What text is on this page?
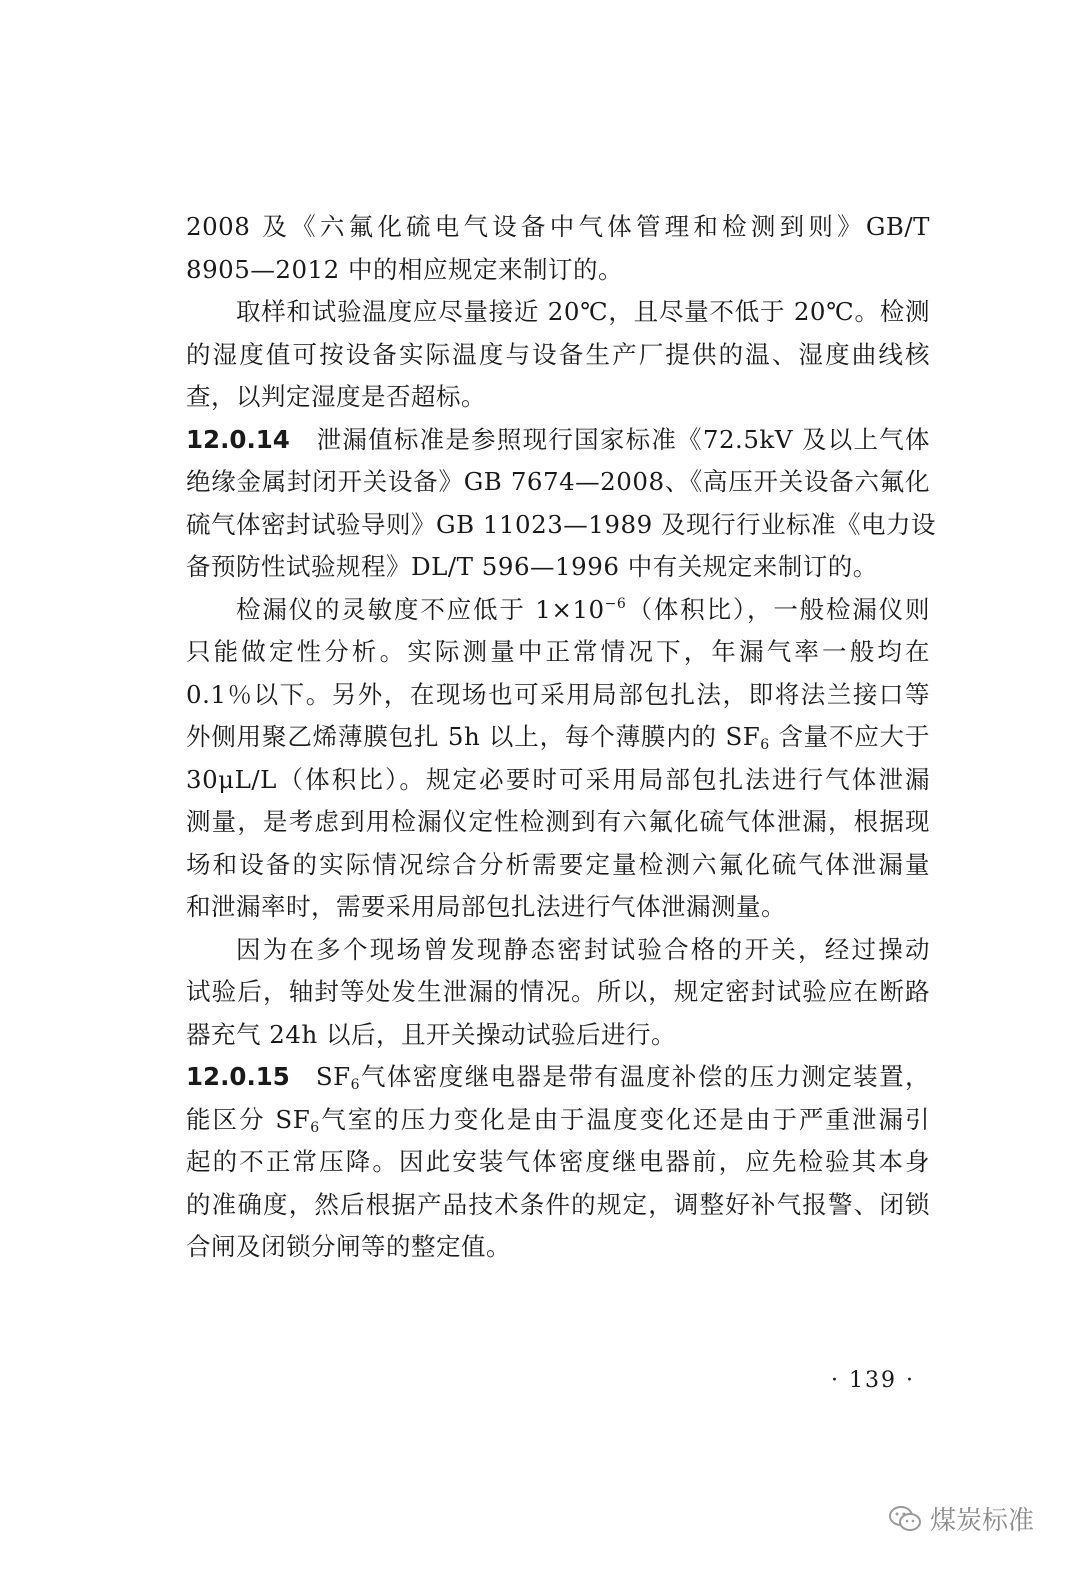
2008 及《六氟化硫电气设备中气体管理和检测到则》GB/T
8905—2012 中的相应规定来制订的。
取样和试验温度应尽量接近 20℃，且尽量不低于 20℃。检测
的湿度值可按设备实际温度与设备生产厂提供的温、湿度曲线核
查，以判定湿度是否超标。
12.0.14 泄漏值标准是参照现行国家标准《72.5kV 及以上气体
绝缘金属封闭开关设备》GB 7674—2008、《高压开关设备六氟化
硫气体密封试验导则》GB 11023—1989 及现行行业标准《电力设
备预防性试验规程》DL/T 596—1996 中有关规定来制订的。
检漏仪的灵敏度不应低于 $1\times 10^{-6}$（体积比），一般检漏仪则
只能做定性分析。实际测量中正常情况下，年漏气率一般均在
0.1％以下。另外，在现场也可采用局部包扎法，即将法兰接口等
外侧用聚乙烯薄膜包扎 5h 以上，每个薄膜内的 $SF_6$ 含量不应大于
30μL/L（体积比）。规定必要时可采用局部包扎法进行气体泄漏
测量，是考虑到用检漏仪定性检测到有六氟化硫气体泄漏，根据现
场和设备的实际情况综合分析需要定量检测六氟化硫气体泄漏量
和泄漏率时，需要采用局部包扎法进行气体泄漏测量。
因为在多个现场曾发现静态密封试验合格的开关，经过操动
试验后，轴封等处发生泄漏的情况。所以，规定密封试验应在断路
器充气 24h 以后，且开关操动试验后进行。
12.0.15 $SF_6$气体密度继电器是带有温度补偿的压力测定装置，
能区分 $SF_6$气室的压力变化是由于温度变化还是由于严重泄漏引
起的不正常压降。因此安装气体密度继电器前，应先检验其本身
的准确度，然后根据产品技术条件的规定，调整好补气报警、闭锁
合闸及闭锁分闸等的整定值。
· 139 ·
煤炭标准
